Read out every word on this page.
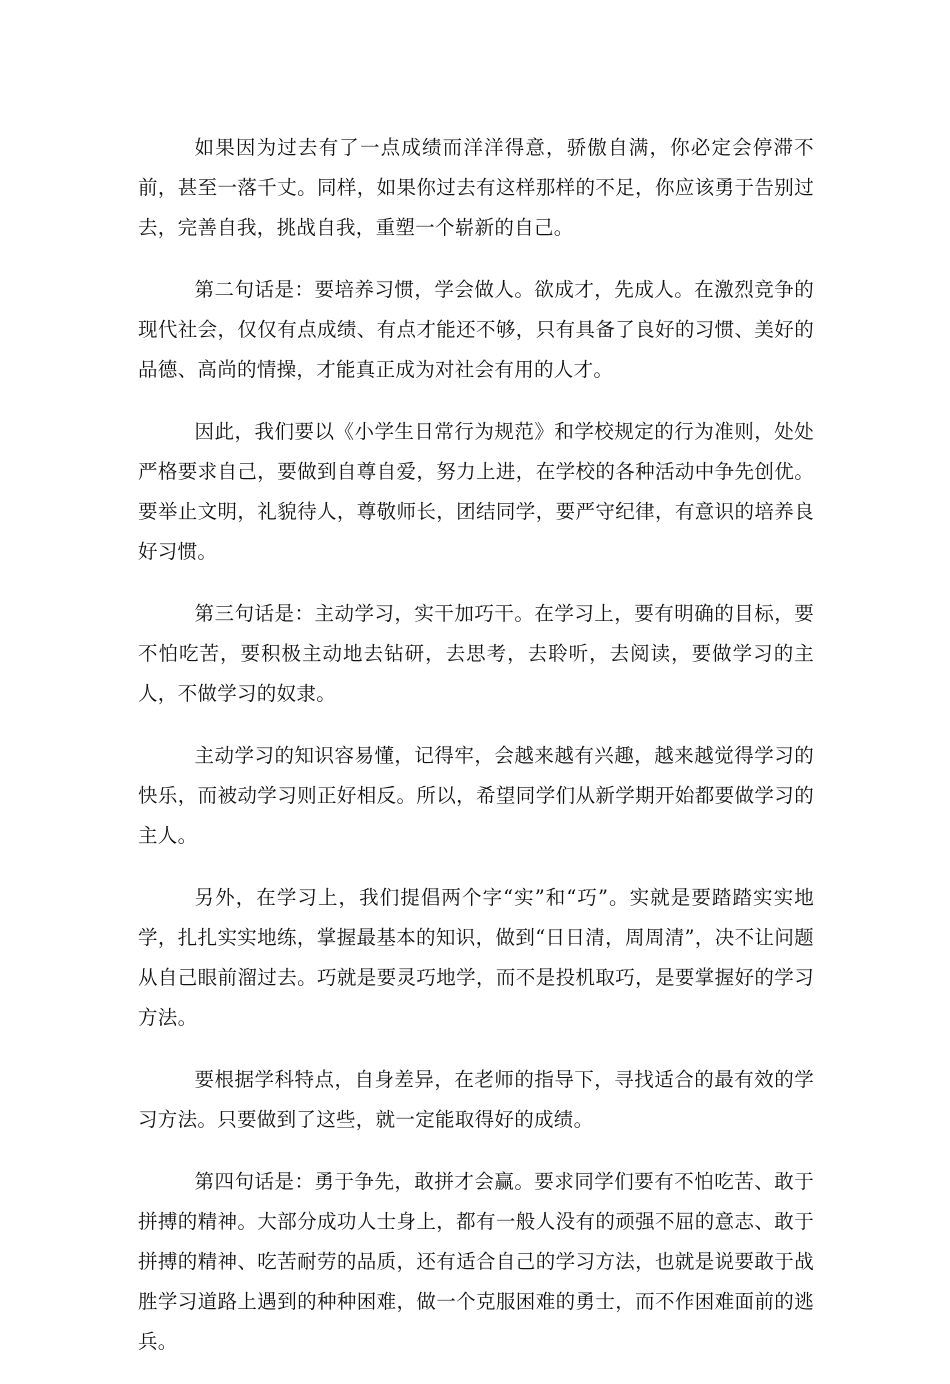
如果因为过去有了一点成绩而洋洋得意，骄傲自满，你必定会停滞不前，甚至一落千丈。同样，如果你过去有这样那样的不足，你应该勇于告别过去，完善自我，挑战自我，重塑一个崭新的自己。

第二句话是：要培养习惯，学会做人。欲成才，先成人。在激烈竞争的现代社会，仅仅有点成绩、有点才能还不够，只有具备了良好的习惯、美好的品德、高尚的情操，才能真正成为对社会有用的人才。

因此，我们要以《小学生日常行为规范》和学校规定的行为准则，处处严格要求自己，要做到自尊自爱，努力上进，在学校的各种活动中争先创优。要举止文明，礼貌待人，尊敬师长，团结同学，要严守纪律，有意识的培养良好习惯。

第三句话是：主动学习，实干加巧干。在学习上，要有明确的目标，要不怕吃苦，要积极主动地去钻研，去思考，去聆听，去阅读，要做学习的主人，不做学习的奴隶。

主动学习的知识容易懂，记得牢，会越来越有兴趣，越来越觉得学习的快乐，而被动学习则正好相反。所以，希望同学们从新学期开始都要做学习的主人。

另外，在学习上，我们提倡两个字“实”和“巧”。实就是要踏踏实实地学，扎扎实实地练，掌握最基本的知识，做到“日日清，周周清”，决不让问题从自己眼前溜过去。巧就是要灵巧地学，而不是投机取巧，是要掌握好的学习方法。

要根据学科特点，自身差异，在老师的指导下，寻找适合的最有效的学习方法。只要做到了这些，就一定能取得好的成绩。

第四句话是：勇于争先，敢拼才会赢。要求同学们要有不怕吃苦、敢于拼搏的精神。大部分成功人士身上，都有一般人没有的顽强不屈的意志、敢于拼搏的精神、吃苦耐劳的品质，还有适合自己的学习方法，也就是说要敢于战胜学习道路上遇到的种种困难，做一个克服困难的勇士，而不作困难面前的逃兵。
